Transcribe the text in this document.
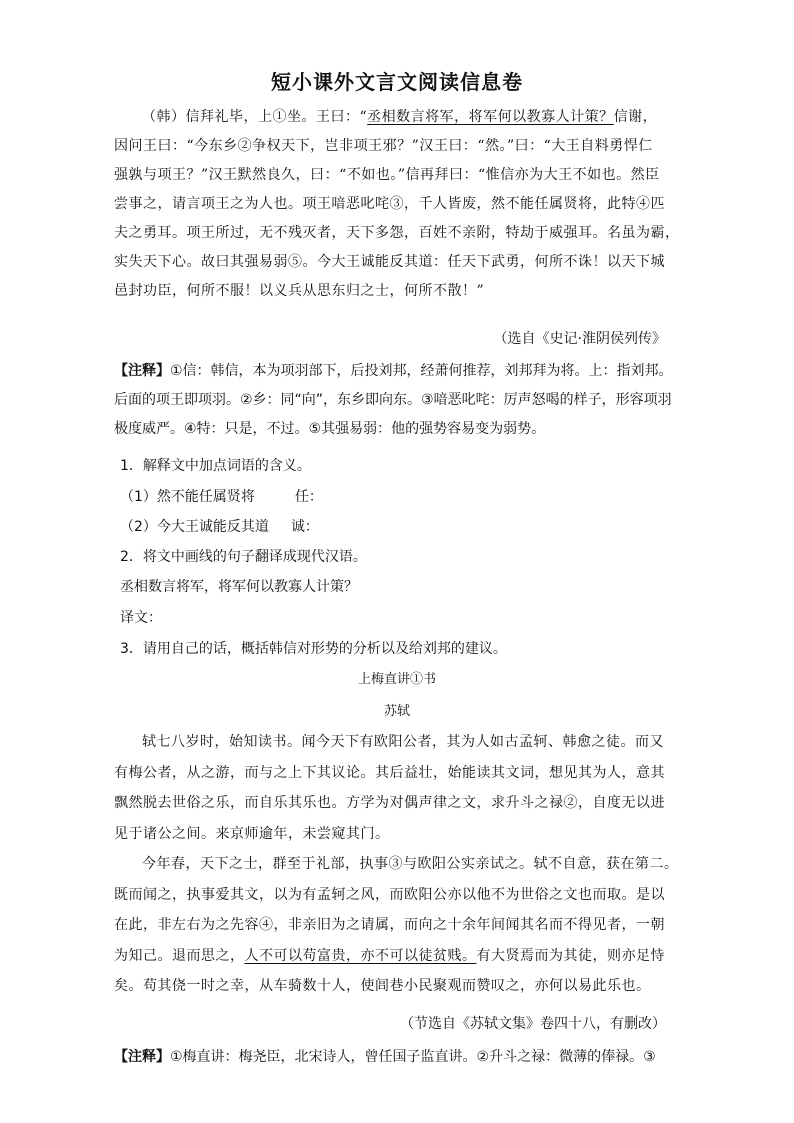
短小课外文言文阅读信息卷
（韩）信拜礼毕，上①坐。王曰：“丞相数言将军，将军何以教寡人计策？信谢，
因问王曰：“今东乡②争权天下，岂非项王邪？”汉王曰：“然。”曰：“大王自料勇悍仁
强孰与项王？”汉王默然良久，曰：“不如也。”信再拜曰：“惟信亦为大王不如也。然臣
尝事之，请言项王之为人也。项王喑恶叱咤③，千人皆废，然不能任属贤将，此特④匹
夫之勇耳。项王所过，无不残灭者，天下多怨，百姓不亲附，特劫于威强耳。名虽为霸，
实失天下心。故曰其强易弱⑤。今大王诚能反其道：任天下武勇，何所不诛！以天下城
邑封功臣，何所不服！以义兵从思东归之士，何所不散！”
（选自《史记·淮阴侯列传》
【注释】①信：韩信，本为项羽部下，后投刘邦，经萧何推荐，刘邦拜为将。上：指刘邦。后面的项王即项羽。②乡：同“向”，东乡即向东。③喑恶叱咤：厉声怒喝的样子，形容项羽极度威严。④特：只是，不过。⑤其强易弱：他的强势容易变为弱势。
1．解释文中加点词语的含义。
（1）然不能任属贤将	任：
（2）今大王诚能反其道 诚：
2．将文中画线的句子翻译成现代汉语。
丞相数言将军，将军何以教寡人计策？
译文：
3．请用自己的话，概括韩信对形势的分析以及给刘邦的建议。
上梅直讲①书
苏轼
轼七八岁时，始知读书。闻今天下有欧阳公者，其为人如古孟轲、韩愈之徒。而又
有梅公者，从之游，而与之上下其议论。其后益壮，始能读其文词，想见其为人，意其
飘然脱去世俗之乐，而自乐其乐也。方学为对偶声律之文，求升斗之禄②，自度无以进
见于诸公之间。来京师逾年，未尝窥其门。
今年春，天下之士，群至于礼部，执事③与欧阳公实亲试之。轼不自意，获在第二。
既而闻之，执事爱其文，以为有孟轲之风，而欧阳公亦以他不为世俗之文也而取。是以
在此，非左右为之先容④，非亲旧为之请属，而向之十余年间闻其名而不得见者，一朝
为知己。退而思之，人不可以苟富贵，亦不可以徒贫贱。有大贤焉而为其徒，则亦足恃
矣。苟其侥一时之幸，从车骑数十人，使闾巷小民聚观而赞叹之，亦何以易此乐也。
（节选自《苏轼文集》卷四十八，有删改）
【注释】①梅直讲：梅尧臣，北宋诗人，曾任国子监直讲。②升斗之禄：微薄的俸禄。③
